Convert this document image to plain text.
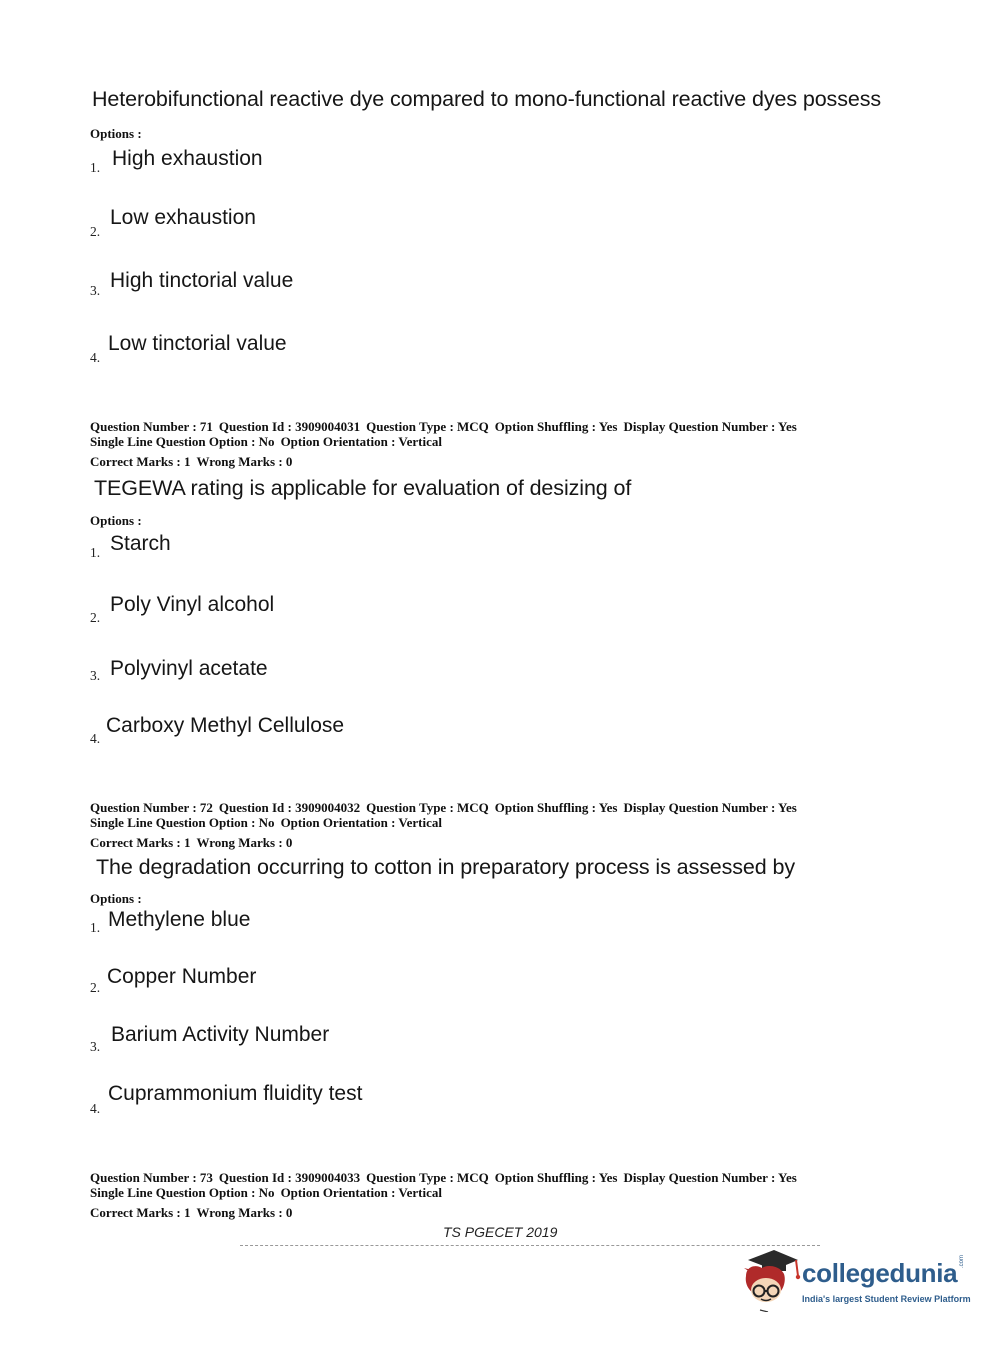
Heterobifunctional reactive dye compared to mono-functional reactive dyes possess
Options :
1. High exhaustion
2.
Low exhaustion
3. High tinctorial value
4.
Low tinctorial value
Question Number : 71 Question Id : 3909004031 Question Type : MCQ Option Shuffling : Yes Display Question Number : Yes
Single Line Question Option : No Option Orientation : Vertical
Correct Marks : 1 Wrong Marks : 0
TEGEWA rating is applicable for evaluation of desizing of
Options :
1. Starch
2.
Poly Vinyl alcohol
3. Polyvinyl acetate
4.
Carboxy Methyl Cellulose
Question Number : 72 Question Id : 3909004032 Question Type : MCQ Option Shuffling : Yes Display Question Number : Yes
Single Line Question Option : No Option Orientation : Vertical
Correct Marks : 1 Wrong Marks : 0
The degradation occurring to cotton in preparatory process is assessed by
Options :
1. Methylene blue
2. Copper Number
3.
Barium Activity Number
4.
Cuprammonium fluidity test
Question Number : 73 Question Id : 3909004033 Question Type : MCQ Option Shuffling : Yes Display Question Number : Yes
Single Line Question Option : No Option Orientation : Vertical
Correct Marks : 1 Wrong Marks : 0
TS PGECET 2019
collegedunia .com
India's largest Student Review Platform
